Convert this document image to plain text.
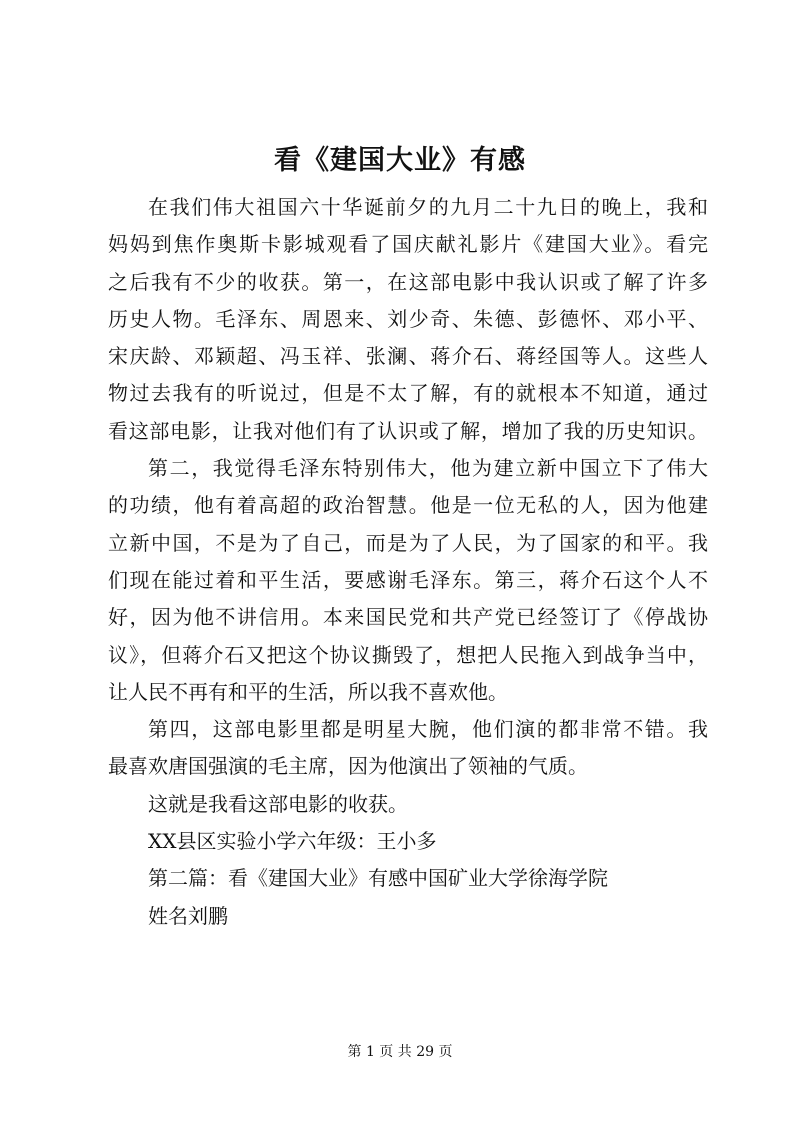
看《建国大业》有感
在我们伟大祖国六十华诞前夕的九月二十九日的晚上，我和
妈妈到焦作奥斯卡影城观看了国庆献礼影片《建国大业》。看完
之后我有不少的收获。第一，在这部电影中我认识或了解了许多
历史人物。毛泽东、周恩来、刘少奇、朱德、彭德怀、邓小平、
宋庆龄、邓颖超、冯玉祥、张澜、蒋介石、蒋经国等人。这些人
物过去我有的听说过，但是不太了解，有的就根本不知道，通过
看这部电影，让我对他们有了认识或了解，增加了我的历史知识。
第二，我觉得毛泽东特别伟大，他为建立新中国立下了伟大
的功绩，他有着高超的政治智慧。他是一位无私的人，因为他建
立新中国，不是为了自己，而是为了人民，为了国家的和平。我
们现在能过着和平生活，要感谢毛泽东。第三，蒋介石这个人不
好，因为他不讲信用。本来国民党和共产党已经签订了《停战协
议》，但蒋介石又把这个协议撕毁了，想把人民拖入到战争当中，
让人民不再有和平的生活，所以我不喜欢他。
第四，这部电影里都是明星大腕，他们演的都非常不错。我
最喜欢唐国强演的毛主席，因为他演出了领袖的气质。
这就是我看这部电影的收获。
XX县区实验小学六年级：王小多
第二篇：看《建国大业》有感中国矿业大学徐海学院
姓名刘鹏
第 1 页 共 29 页
